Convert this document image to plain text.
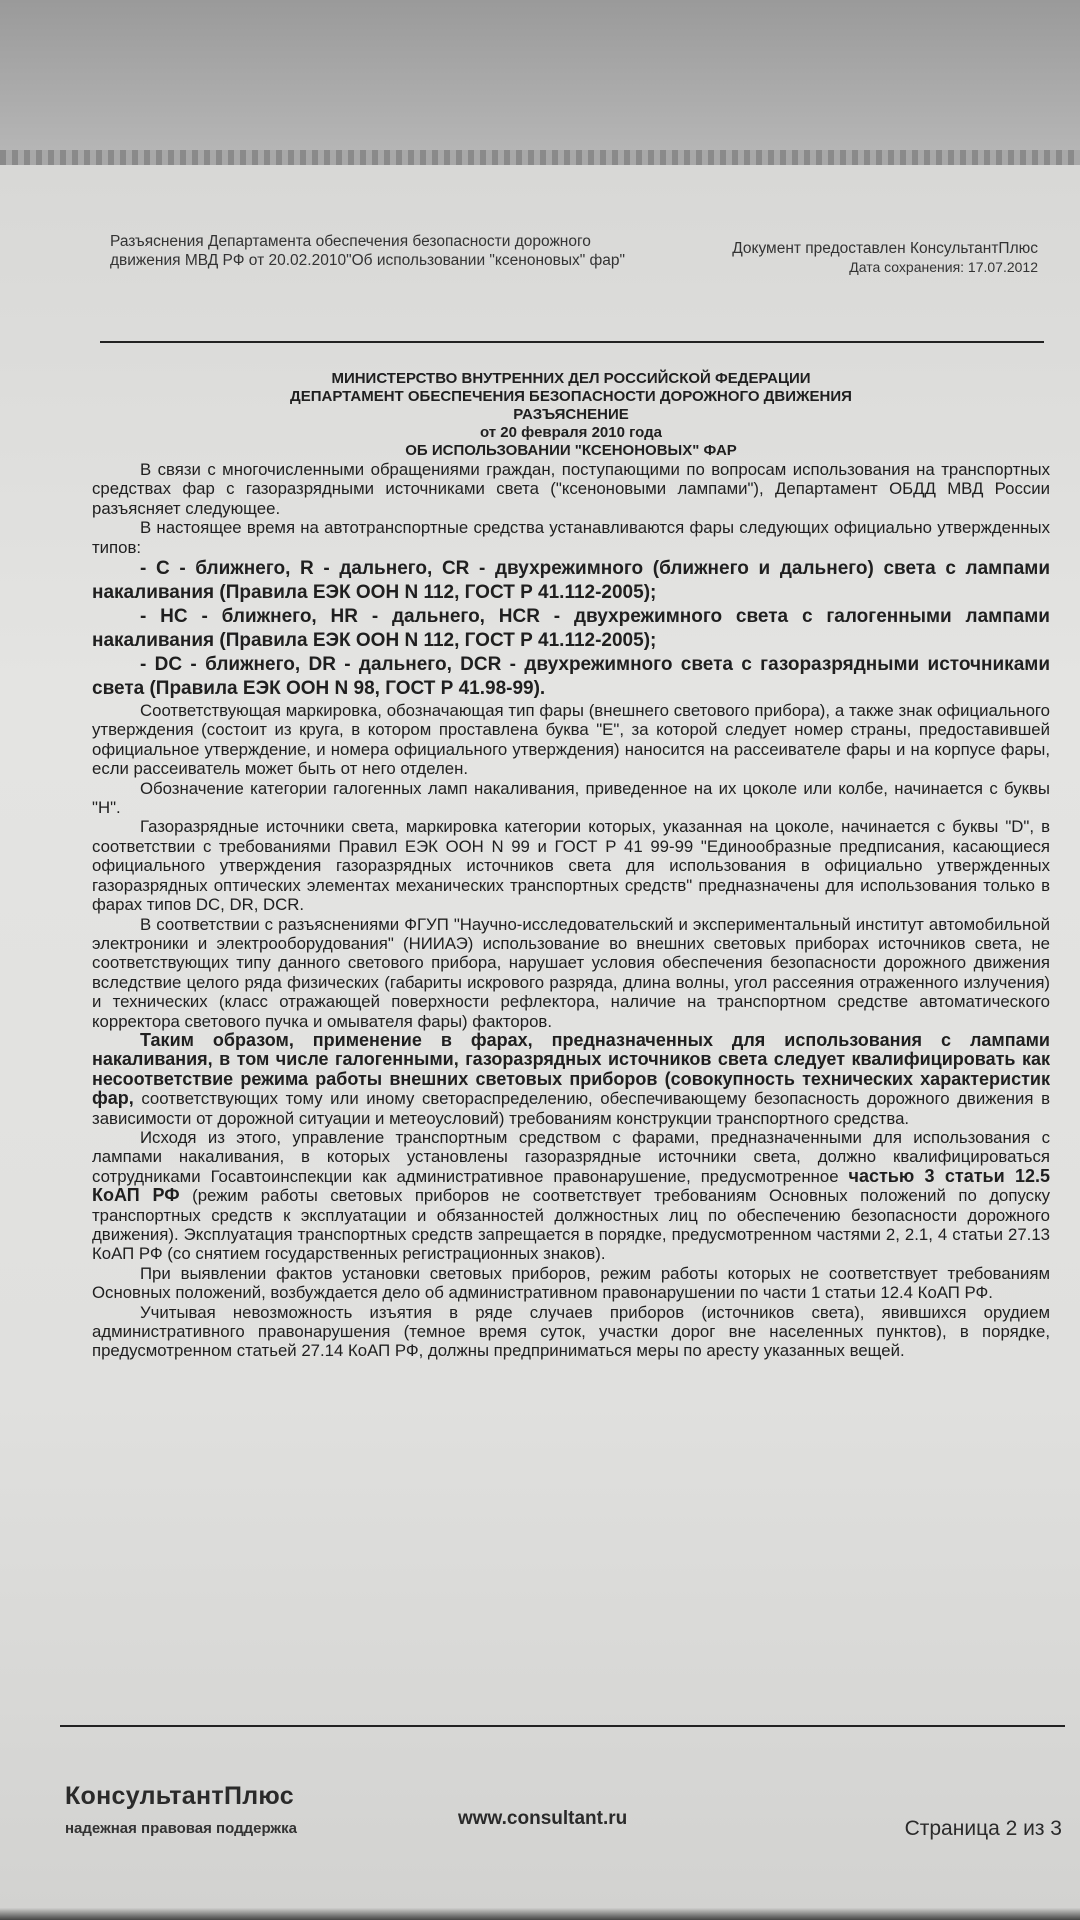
Разъяснения Департамента обеспечения безопасности дорожного движения МВД РФ от 20.02.2010"Об использовании "ксеноновых" фар"
Документ предоставлен КонсультантПлюс
Дата сохранения: 17.07.2012
МИНИСТЕРСТВО ВНУТРЕННИХ ДЕЛ РОССИЙСКОЙ ФЕДЕРАЦИИ
ДЕПАРТАМЕНТ ОБЕСПЕЧЕНИЯ БЕЗОПАСНОСТИ ДОРОЖНОГО ДВИЖЕНИЯ
РАЗЪЯСНЕНИЕ
от 20 февраля 2010 года
ОБ ИСПОЛЬЗОВАНИИ "КСЕНОНОВЫХ" ФАР

В связи с многочисленными обращениями граждан, поступающими по вопросам использования на транспортных средствах фар с газоразрядными источниками света ("ксеноновыми лампами"), Департамент ОБДД МВД России разъясняет следующее.

В настоящее время на автотранспортные средства устанавливаются фары следующих официально утвержденных типов:

- C - ближнего, R - дальнего, CR - двухрежимного (ближнего и дальнего) света с лампами накаливания (Правила ЕЭК ООН N 112, ГОСТ Р 41.112-2005);

- HC - ближнего, HR - дальнего, HCR - двухрежимного света с галогенными лампами накаливания (Правила ЕЭК ООН N 112, ГОСТ Р 41.112-2005);

- DC - ближнего, DR - дальнего, DCR - двухрежимного света с газоразрядными источниками света (Правила ЕЭК ООН N 98, ГОСТ Р 41.98-99).

Соответствующая маркировка, обозначающая тип фары (внешнего светового прибора), а также знак официального утверждения (состоит из круга, в котором проставлена буква "E", за которой следует номер страны, предоставившей официальное утверждение, и номера официального утверждения) наносится на рассеивателе фары и на корпусе фары, если рассеиватель может быть от него отделен.

Обозначение категории галогенных ламп накаливания, приведенное на их цоколе или колбе, начинается с буквы "H".

Газоразрядные источники света, маркировка категории которых, указанная на цоколе, начинается с буквы "D", в соответствии с требованиями Правил ЕЭК ООН N 99 и ГОСТ Р 41 99-99 "Единообразные предписания, касающиеся официального утверждения газоразрядных источников света для использования в официально утвержденных газоразрядных оптических элементах механических транспортных средств" предназначены для использования только в фарах типов DC, DR, DCR.

В соответствии с разъяснениями ФГУП "Научно-исследовательский и экспериментальный институт автомобильной электроники и электрооборудования" (НИИАЭ) использование во внешних световых приборах источников света, не соответствующих типу данного светового прибора, нарушает условия обеспечения безопасности дорожного движения вследствие целого ряда физических (габариты искрового разряда, длина волны, угол рассеяния отраженного излучения) и технических (класс отражающей поверхности рефлектора, наличие на транспортном средстве автоматического корректора светового пучка и омывателя фары) факторов.

Таким образом, применение в фарах, предназначенных для использования с лампами накаливания, в том числе галогенными, газоразрядных источников света следует квалифицировать как несоответствие режима работы внешних световых приборов (совокупность технических характеристик фар, соответствующих тому или иному светораспределению, обеспечивающему безопасность дорожного движения в зависимости от дорожной ситуации и метеоусловий) требованиям конструкции транспортного средства.

Исходя из этого, управление транспортным средством с фарами, предназначенными для использования с лампами накаливания, в которых установлены газоразрядные источники света, должно квалифицироваться сотрудниками Госавтоинспекции как административное правонарушение, предусмотренное частью 3 статьи 12.5 КоАП РФ (режим работы световых приборов не соответствует требованиям Основных положений по допуску транспортных средств к эксплуатации и обязанностей должностных лиц по обеспечению безопасности дорожного движения). Эксплуатация транспортных средств запрещается в порядке, предусмотренном частями 2, 2.1, 4 статьи 27.13 КоАП РФ (со снятием государственных регистрационных знаков).

При выявлении фактов установки световых приборов, режим работы которых не соответствует требованиям Основных положений, возбуждается дело об административном правонарушении по части 1 статьи 12.4 КоАП РФ.

Учитывая невозможность изъятия в ряде случаев приборов (источников света), явившихся орудием административного правонарушения (темное время суток, участки дорог вне населенных пунктов), в порядке, предусмотренном статьей 27.14 КоАП РФ, должны предприниматься меры по аресту указанных вещей.

КонсультантПлюс
надежная правовая поддержка	www.consultant.ru	Страница 2 из 3
